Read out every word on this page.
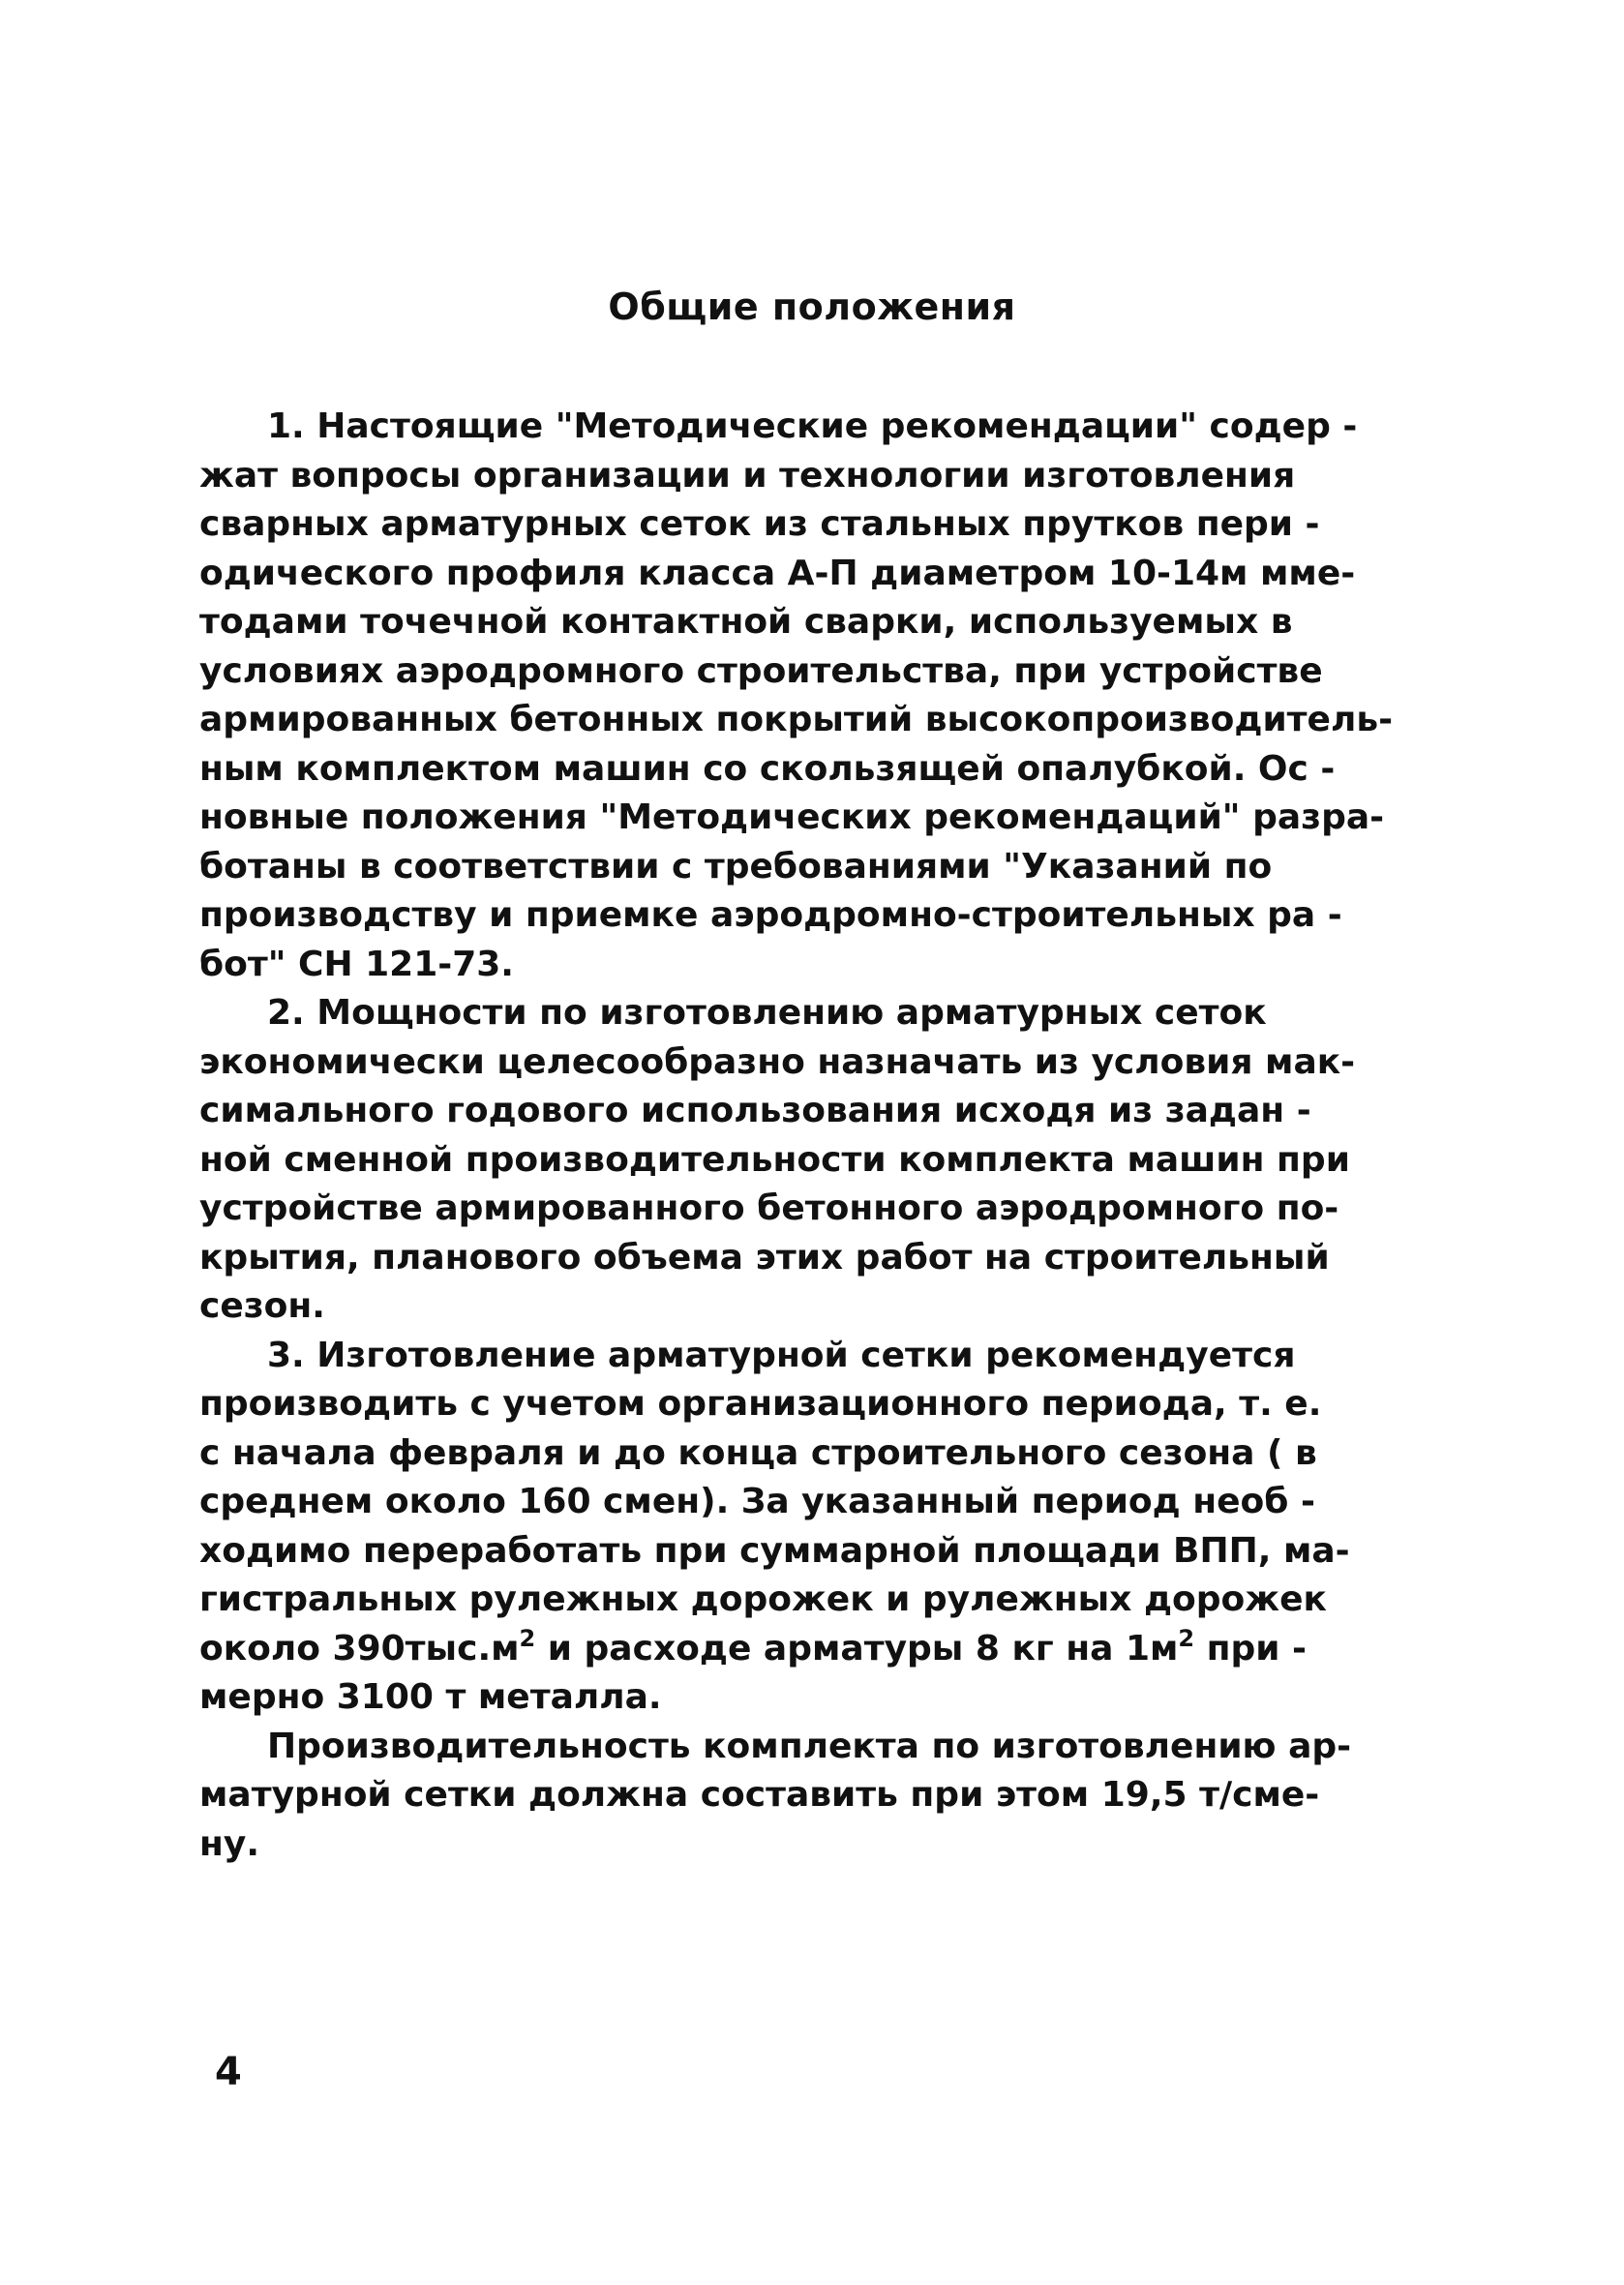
Общие положения
1. Настоящие "Методические рекомендации" содер -
жат вопросы организации и технологии изготовления
сварных арматурных сеток из стальных прутков пери -
одического профиля класса А-П диаметром 10-14м мме-
тодами точечной контактной сварки, используемых в
условиях аэродромного строительства, при устройстве
армированных бетонных покрытий высокопроизводитель-
ным комплектом машин со скользящей опалубкой. Ос -
новные положения "Методических рекомендаций" разра-
ботаны в соответствии с требованиями "Указаний по
производству и приемке аэродромно-строительных ра -
бот" СН 121-73.
2. Мощности по изготовлению арматурных сеток
экономически целесообразно назначать из условия мак-
симального годового использования исходя из задан -
ной сменной производительности комплекта машин при
устройстве армированного бетонного аэродромного по-
крытия, планового объема этих работ на строительный
сезон.
3. Изготовление арматурной сетки рекомендуется
производить с учетом организационного периода, т. е.
с начала февраля и до конца строительного сезона ( в
среднем около 160 смен). За указанный период необ -
ходимо переработать при суммарной площади ВПП, ма-
гистральных рулежных дорожек и рулежных дорожек
около $390тыс.м^2$ и расходе арматуры 8 кг на $1м^2$ при -
мерно 3100 т металла.
Производительность комплекта по изготовлению ар-
матурной сетки должна составить при этом 19,5 т/сме-
ну.
4
